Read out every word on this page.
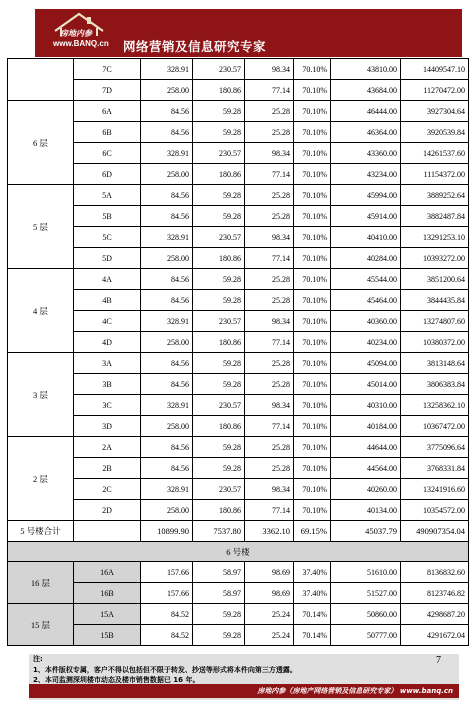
房地内参
www.BANQ.cn 网络营销及信息研究专家
	7C	328.91	230.57	98.34	70.10%	43810.00	14409547.10
	7D	258.00	180.86	77.14	70.10%	43684.00	11270472.00
6 层	6A	84.56	59.28	25.28	70.10%	46444.00	3927304.64
	6B	84.56	59.28	25.28	70.10%	46364.00	3920539.84
	6C	328.91	230.57	98.34	70.10%	43360.00	14261537.60
	6D	258.00	180.86	77.14	70.10%	43234.00	11154372.00
5 层	5A	84.56	59.28	25.28	70.10%	45994.00	3889252.64
	5B	84.56	59.28	25.28	70.10%	45914.00	3882487.84
	5C	328.91	230.57	98.34	70.10%	40410.00	13291253.10
	5D	258.00	180.86	77.14	70.10%	40284.00	10393272.00
4 层	4A	84.56	59.28	25.28	70.10%	45544.00	3851200.64
	4B	84.56	59.28	25.28	70.10%	45464.00	3844435.84
	4C	328.91	230.57	98.34	70.10%	40360.00	13274807.60
	4D	258.00	180.86	77.14	70.10%	40234.00	10380372.00
3 层	3A	84.56	59.28	25.28	70.10%	45094.00	3813148.64
	3B	84.56	59.28	25.28	70.10%	45014.00	3806383.84
	3C	328.91	230.57	98.34	70.10%	40310.00	13258362.10
	3D	258.00	180.86	77.14	70.10%	40184.00	10367472.00
2 层	2A	84.56	59.28	25.28	70.10%	44644.00	3775096.64
	2B	84.56	59.28	25.28	70.10%	44564.00	3768331.84
	2C	328.91	230.57	98.34	70.10%	40260.00	13241916.60
	2D	258.00	180.86	77.14	70.10%	40134.00	10354572.00
5 号楼合计		10899.90	7537.80	3362.10	69.15%	45037.79	490907354.04
6 号楼							
16 层	16A	157.66	58.97	98.69	37.40%	51610.00	8136832.60
	16B	157.66	58.97	98.69	37.40%	51527.00	8123746.82
15 层	15A	84.52	59.28	25.24	70.14%	50860.00	4298687.20
	15B	84.52	59.28	25.24	70.14%	50777.00	4291672.04
注:
1、本件版权专属，客户不得以包括但不限于转发、抄送等形式将本件向第三方透露。
2、本司监测深圳楼市动态及楼市销售数据已 16 年。
7
房地内参（房地产网络营销及信息研究专家） www.banq.cn
